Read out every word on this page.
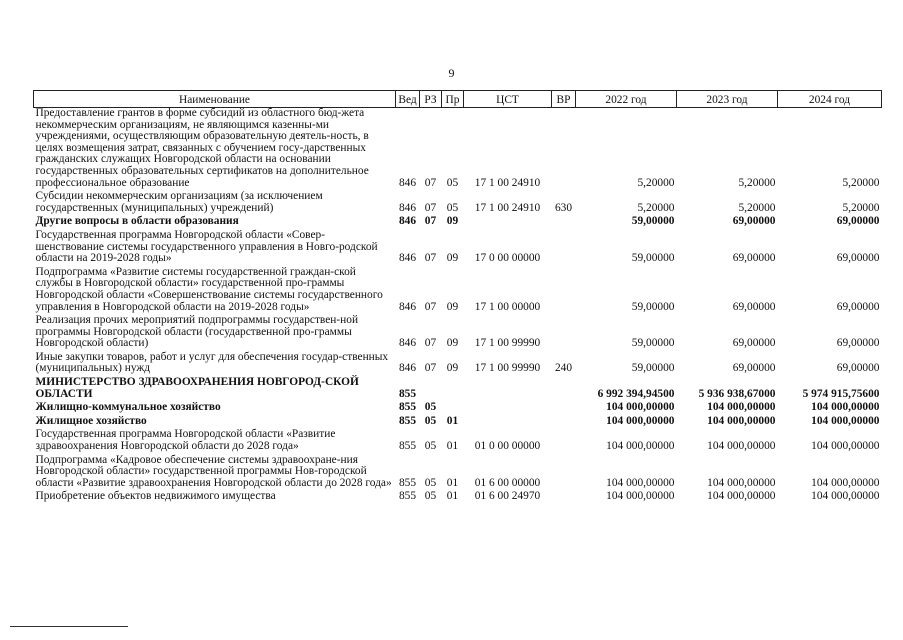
9
Наименование	Вед	РЗ	Пр	ЦСТ	ВР	2022 год	2023 год	2024 год
Предоставление грантов в форме субсидий из областного бюд-жета некоммерческим организациям, не являющимся казенны-ми учреждениями, осуществляющим образовательную деятель-ность, в целях возмещения затрат, связанных с обучением госу-дарственных гражданских служащих Новгородской области на основании государственных образовательных сертификатов на дополнительное профессиональное образование	846	07	05	17 1 00 24910		5,20000	5,20000	5,20000
Субсидии некоммерческим организациям (за исключением государственных (муниципальных) учреждений)	846	07	05	17 1 00 24910	630	5,20000	5,20000	5,20000
Другие вопросы в области образования	846	07	09			59,00000	69,00000	69,00000
Государственная программа Новгородской области «Совер-шенствование системы государственного управления в Новго-родской области на 2019-2028 годы»	846	07	09	17 0 00 00000		59,00000	69,00000	69,00000
Подпрограмма «Развитие системы государственной граждан-ской службы в Новгородской области» государственной про-граммы Новгородской области «Совершенствование системы государственного управления в Новгородской области на 2019-2028 годы»	846	07	09	17 1 00 00000		59,00000	69,00000	69,00000
Реализация прочих мероприятий подпрограммы государствен-ной программы Новгородской области (государственной про-граммы Новгородской области)	846	07	09	17 1 00 99990		59,00000	69,00000	69,00000
Иные закупки товаров, работ и услуг для обеспечения государ-ственных (муниципальных) нужд	846	07	09	17 1 00 99990	240	59,00000	69,00000	69,00000
МИНИСТЕРСТВО ЗДРАВООХРАНЕНИЯ НОВГОРОД-СКОЙ ОБЛАСТИ	855					6 992 394,94500	5 936 938,67000	5 974 915,75600
Жилищно-коммунальное хозяйство	855	05				104 000,00000	104 000,00000	104 000,00000
Жилищное хозяйство	855	05	01			104 000,00000	104 000,00000	104 000,00000
Государственная программа Новгородской области «Развитие здравоохранения Новгородской области до 2028 года»	855	05	01	01 0 00 00000		104 000,00000	104 000,00000	104 000,00000
Подпрограмма «Кадровое обеспечение системы здравоохране-ния Новгородской области» государственной программы Нов-городской области «Развитие здравоохранения Новгородской области до 2028 года»	855	05	01	01 6 00 00000		104 000,00000	104 000,00000	104 000,00000
Приобретение объектов недвижимого имущества	855	05	01	01 6 00 24970		104 000,00000	104 000,00000	104 000,00000
